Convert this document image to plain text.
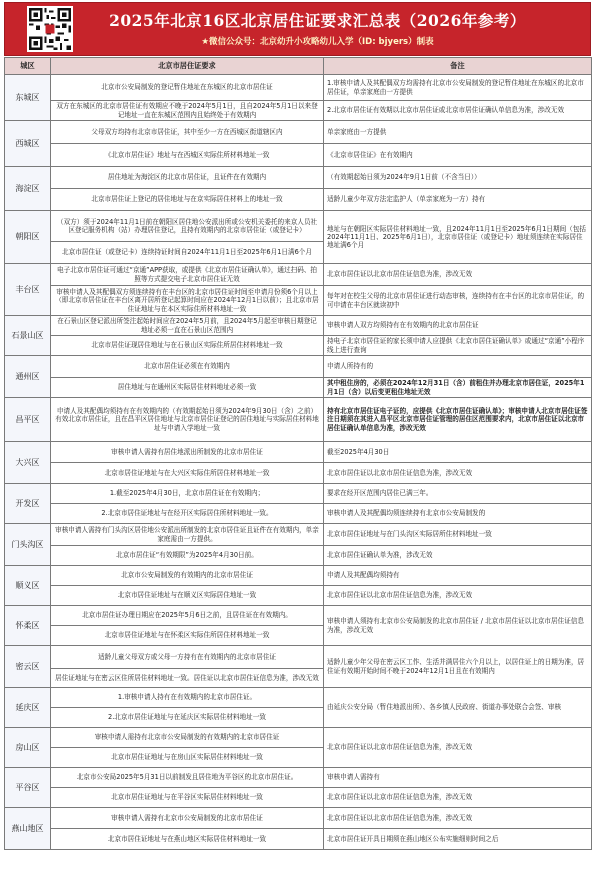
2025年北京16区北京居住证要求汇总表（2026年参考）
★微信公众号：北京幼升小攻略幼儿入学（ID: bjyers）制表
城区	北京市居住证要求	备注
东城区	北京市公安局制发的登记暂住地址在东城区的北京市居住证	1.审核申请人及其配偶双方均需持有北京市公安局制发的登记暂住地址在东城区的北京市居住证，单亲家庭由一方提供
	双方在东城区的北京市居住证有效期应不晚于2024年5月1日，且自2024年5月1日以来登记地址一直在东城区范围内且始终处于有效期内	2.北京市居住证有效期以北京市居住证或北京市居住证确认单信息为准，涉改无效
西城区	父母双方均持有北京市居住证，其中至少一方在西城区街道辖区内	单亲家庭由一方提供
	《北京市居住证》地址与在西城区实际住所材料地址一致	《北京市居住证》在有效期内
海淀区	居住地址为海淀区的北京市居住证，且证件在有效期内	（有效期起始日须为2024年9月1日前（不含当日））
	北京市居住证上登记的居住地址与在京实际居住材料上的地址一致	适龄儿童少年双方法定监护人（单亲家庭为一方）持有
朝阳区	（双方）须于2024年11月1日前在朝阳区居住地公安派出所或公安机关委托的来京人员社区登记服务机构（站）办理居住登记，且持有效期内的北京市居住证（或登记卡）	地址与在朝阳区实际居住材料地址一致，且2024年11月1日至2025年6月1日期间（包括2024年11月1日、2025年6月1日），北京市居住证（或登记卡）地址须连续在实际居住地址满6个月
	北京市居住证（或登记卡）连续持证时间自2024年11月1日至2025年6月1日满6个月	
丰台区	电子北京市居住证可通过“京通”APP获取，或提供《北京市居住证确认单》，通过扫码、拍照等方式提交电子北京市居住证无效	北京市居住证以北京市居住证信息为准，涉改无效
	审核申请人及其配偶双方须连续持有在丰台区的北京市居住证时间至申请月份须6个月以上（即北京市居住证在丰台区离开居所登记起算时间应在2024年12月1日以前）；且北京市居住证地址与在本区实际住所材料地址一致	每年对在校生父母的北京市居住证进行动态审核，连续持有在丰台区的北京市居住证，的可申请在丰台区就读初中
石景山区	在石景山区登记派出所签注起始时间应在2024年5月前，且2024年5月起至审核日期登记地址必须一直在石景山区范围内	审核申请人双方均须持有在有效期内的北京市居住证
	北京市居住证现居住地址与在石景山区实际住所居住材料地址一致	持电子北京市居住证的家长须申请人应提供《北京市居住证确认单》或通过“京通”小程序线上进行查询
通州区	北京市居住证必须在有效期内	申请人所持有的
	居住地址与在通州区实际居住材料地址必须一致	其中租住房的，必须在2024年12月31日（含）前租住并办理北京市居住证，2025年1月1日（含）以后变更租住地址无效
昌平区	申请人及其配偶均须持有在有效期内的（有效期起始日须为2024年9月30日（含）之前）有效北京市居住证，且在昌平区居住地址与北京市居住证登记的居住地址与实际居住材料地址与申请入学地址一致	持有北京市居住证电子证的，应提供《北京市居住证确认单》；审核申请人北京市居住证签注日期须在其进入昌平区北京市居住证管理的居住区范围要求内，北京市居住证以北京市居住证确认单信息为准，涉改无效
大兴区	审核申请人需持有居住地派出所制发的北京市居住证	截至2025年4月30日
	北京市居住证地址与在大兴区实际住所居住材料地址一致	北京市居住证以北京市居住证信息为准，涉改无效
开发区	1.截至2025年4月30日，北京市居住证在有效期内；	要求在经开区范围内居住已满三年。
	2.北京市居住证地址与在经开区实际居住所材料地址一致。	审核申请人及其配偶均须连续持有北京市公安局制发的
门头沟区	审核申请人需持有门头沟区居住地公安派出所制发的北京市居住证且证件在有效期内，单亲家庭需由一方提供。	北京市居住证地址与在门头沟区实际居所住材料地址一致
	北京市居住证“有效期限”为2025年4月30日前。	北京市居住证确认单为准，涉改无效
顺义区	北京市公安局制发的有效期内的北京市居住证	申请人及其配偶均须持有
	北京市居住证地址与在顺义区实际居住地址一致	北京市居住证以北京市居住证信息为准，涉改无效
怀柔区	北京市居住证办理日期应在2025年5月6日之前，且居住证在有效期内。	审核申请人须持有北京市公安局制发的北京市居住证 / 北京市居住证以北京市居住证信息为准，涉改无效
	北京市居住证地址与在怀柔区实际住所居住材料地址一致	
密云区	适龄儿童父母双方或父母一方持有在有效期内的北京市居住证	适龄儿童少年父母在密云区工作、生活并满居住六个月以上，以居住证上的日期为准，居住证有效期开始时间不晚于2024年12月1日且在有效期内
	居住证地址与在密云区住所居住材料地址一致。居住证以北京市居住证信息为准，涉改无效	
延庆区	1.审核申请人持有在有效期内的北京市居住证。	由延庆公安分局（暂住地派出所）、各乡镇人民政府、街道办事处联合会签、审核
	2.北京市居住证地址与在延庆区实际居住材料地址一致	
房山区	审核申请人需持有北京市公安局制发的有效期内的北京市居住证	北京市居住证以北京市居住证信息为准，涉改无效
	北京市居住证地址与在房山区实际居住材料地址一致	
平谷区	北京市公安局2025年5月31日以前制发且居住地为平谷区的北京市居住证。	审核申请人需持有
	北京市居住证地址与在平谷区实际居住材料地址一致	北京市居住证以北京市居住证信息为准，涉改无效
燕山地区	审核申请人需持有北京市公安局制发的北京市居住证	北京市居住证以北京市居住证信息为准，涉改无效
	北京市居住证地址与在燕山地区实际居住材料地址一致	北京市居住证开具日期须在燕山地区公布实施细则时间之后
